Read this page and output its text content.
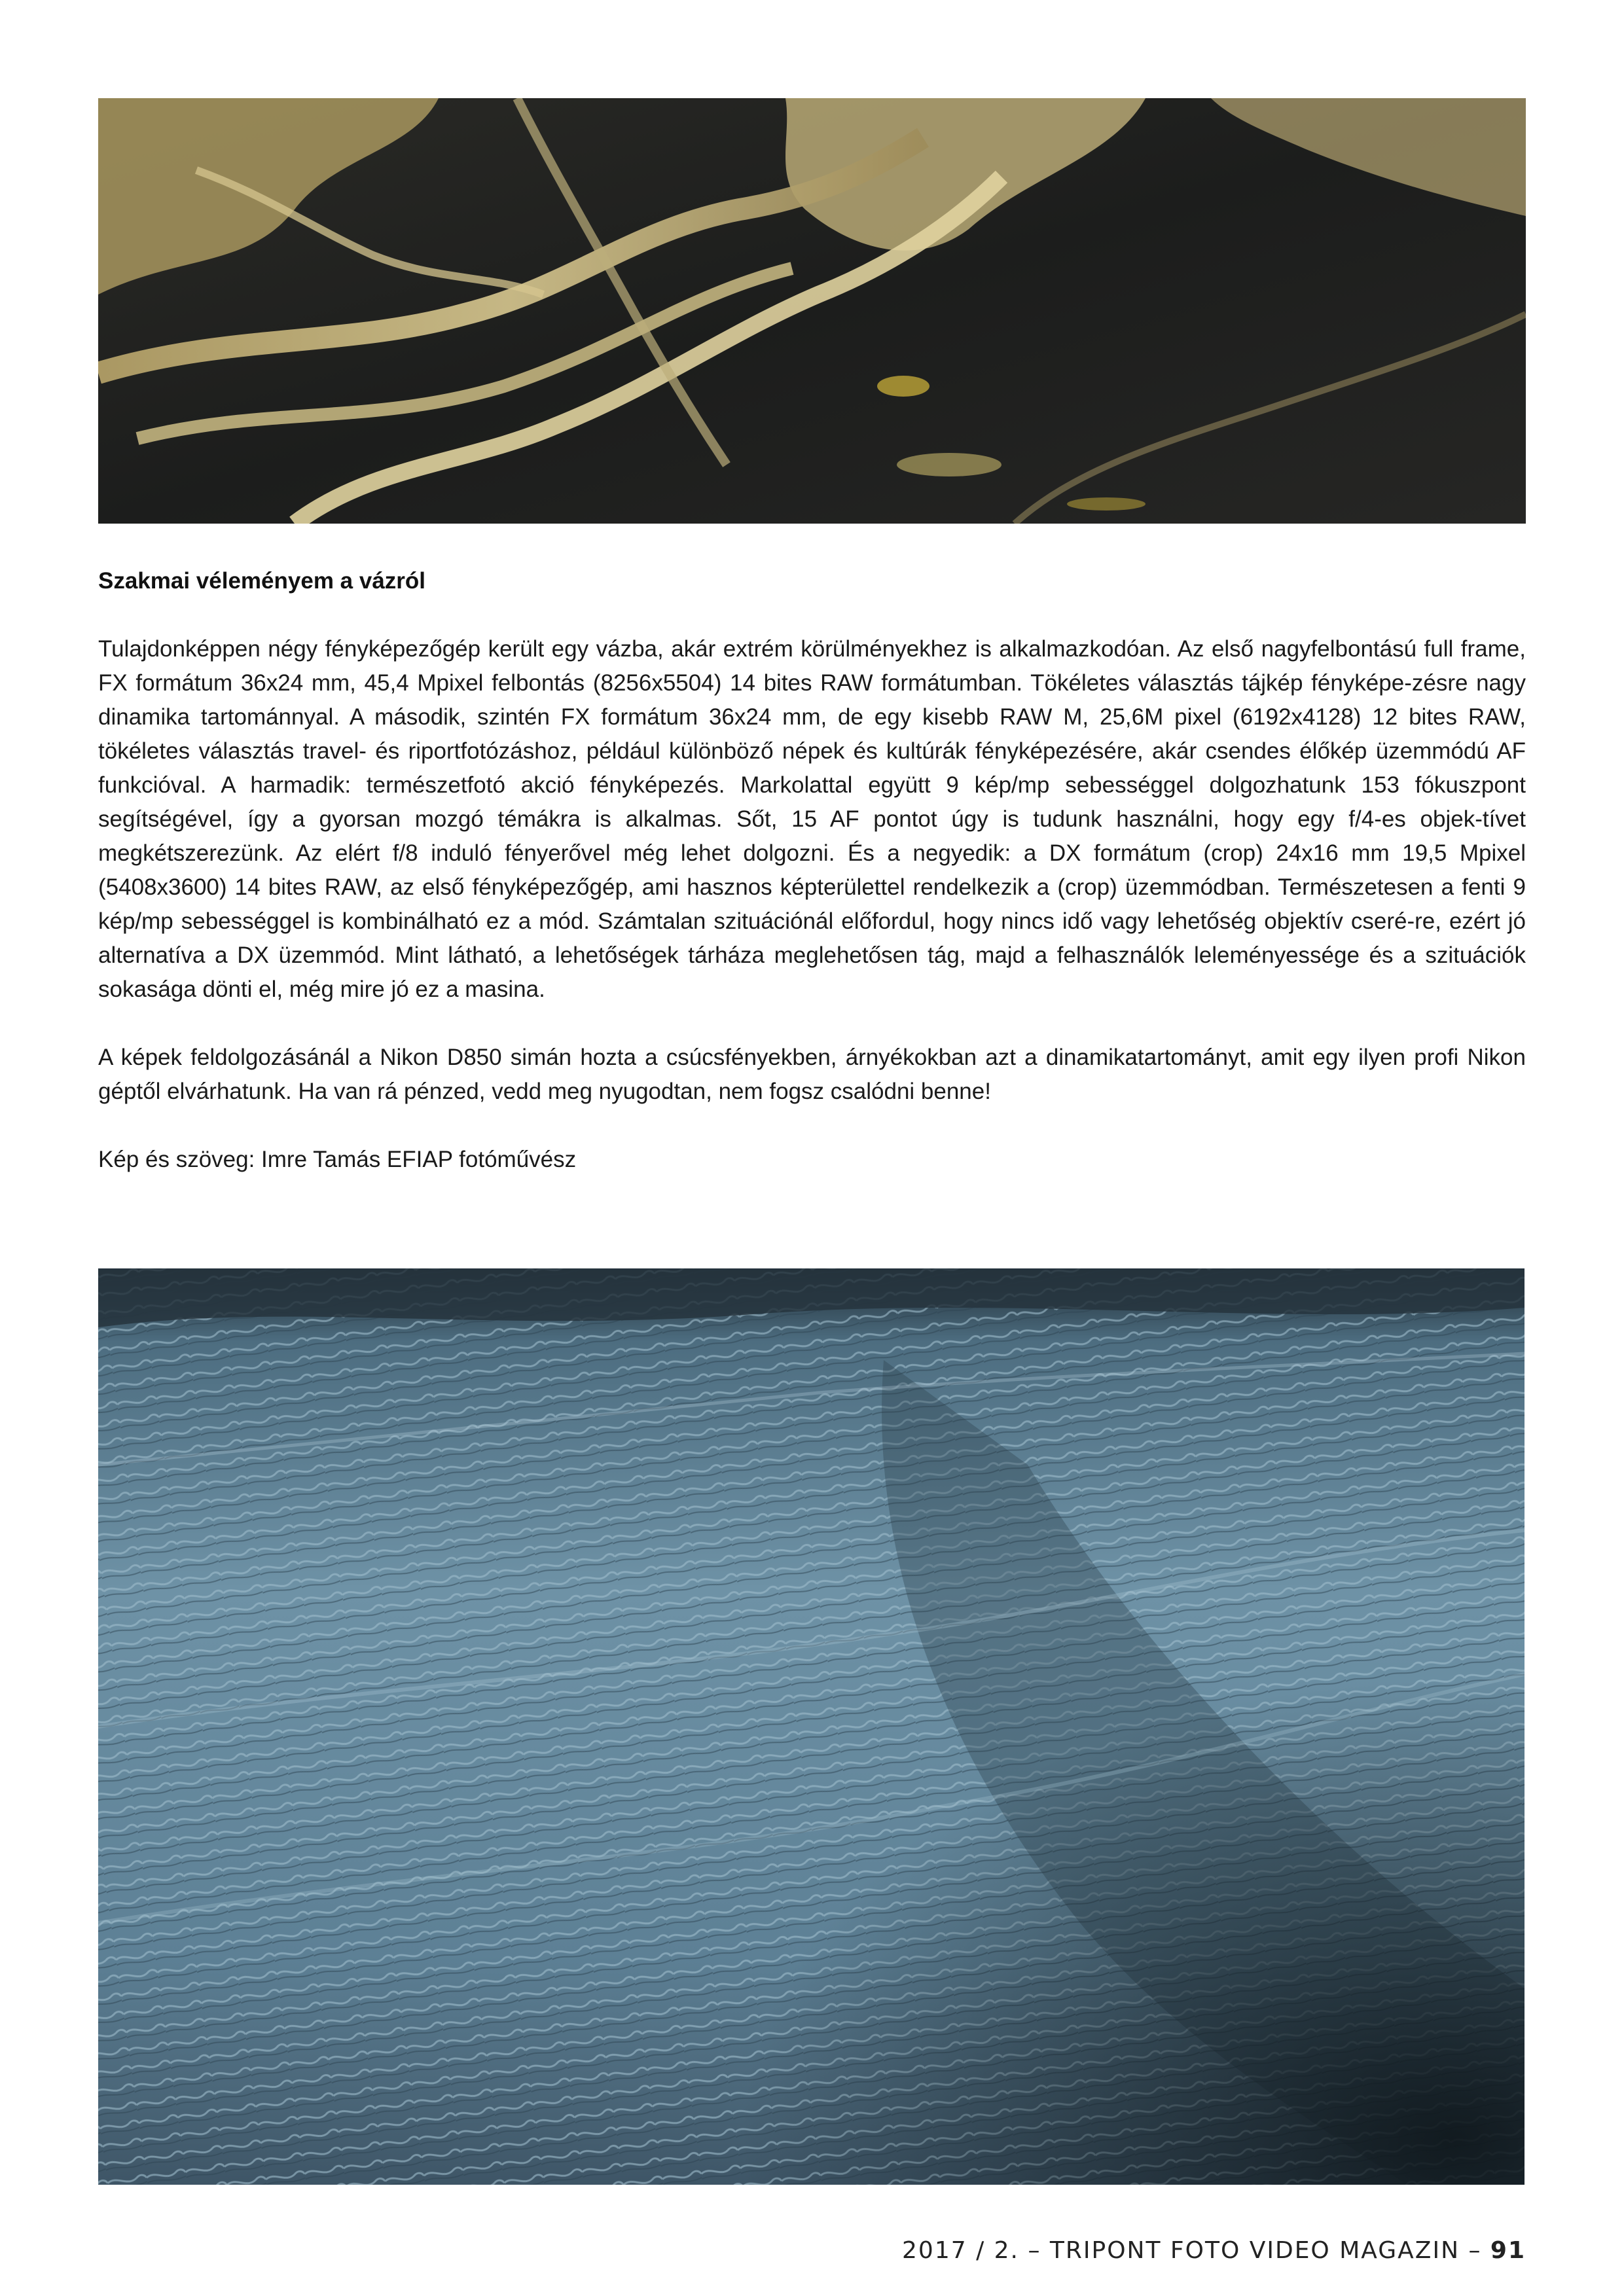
Szakmai véleményem a vázról

Tulajdonképpen négy fényképezőgép került egy vázba, akár extrém körülményekhez is alkalmazkodóan. Az első nagyfelbontású full frame, FX formátum 36x24 mm, 45,4 Mpixel felbontás (8256x5504) 14 bites RAW formátumban. Tökéletes választás tájkép fényképe-zésre nagy dinamika tartománnyal. A második, szintén FX formátum 36x24 mm, de egy kisebb RAW M, 25,6M pixel (6192x4128) 12 bites RAW, tökéletes választás travel- és riportfotózáshoz, például különböző népek és kultúrák fényképezésére, akár csendes élőkép üzemmódú AF funkcióval. A harmadik: természetfotó akció fényképezés. Markolattal együtt 9 kép/mp sebességgel dolgozhatunk 153 fókuszpont segítségével, így a gyorsan mozgó témákra is alkalmas. Sőt, 15 AF pontot úgy is tudunk használni, hogy egy f/4-es objek-tívet megkétszerezünk. Az elért f/8 induló fényerővel még lehet dolgozni. És a negyedik: a DX formátum (crop) 24x16 mm 19,5 Mpixel (5408x3600) 14 bites RAW, az első fényképezőgép, ami hasznos képterülettel rendelkezik a (crop) üzemmódban. Természetesen a fenti 9 kép/mp sebességgel is kombinálható ez a mód. Számtalan szituációnál előfordul, hogy nincs idő vagy lehetőség objektív cseré-re, ezért jó alternatíva a DX üzemmód. Mint látható, a lehetőségek tárháza meglehetősen tág, majd a felhasználók leleményessége és a szituációk sokasága dönti el, még mire jó ez a masina.

A képek feldolgozásánál a Nikon D850 simán hozta a csúcsfényekben, árnyékokban azt a dinamikatartományt, amit egy ilyen profi Nikon géptől elvárhatunk. Ha van rá pénzed, vedd meg nyugodtan, nem fogsz csalódni benne!

Kép és szöveg: Imre Tamás EFIAP fotóművész

2017 / 2. – TRIPONT FOTO VIDEO MAGAZIN – 91
